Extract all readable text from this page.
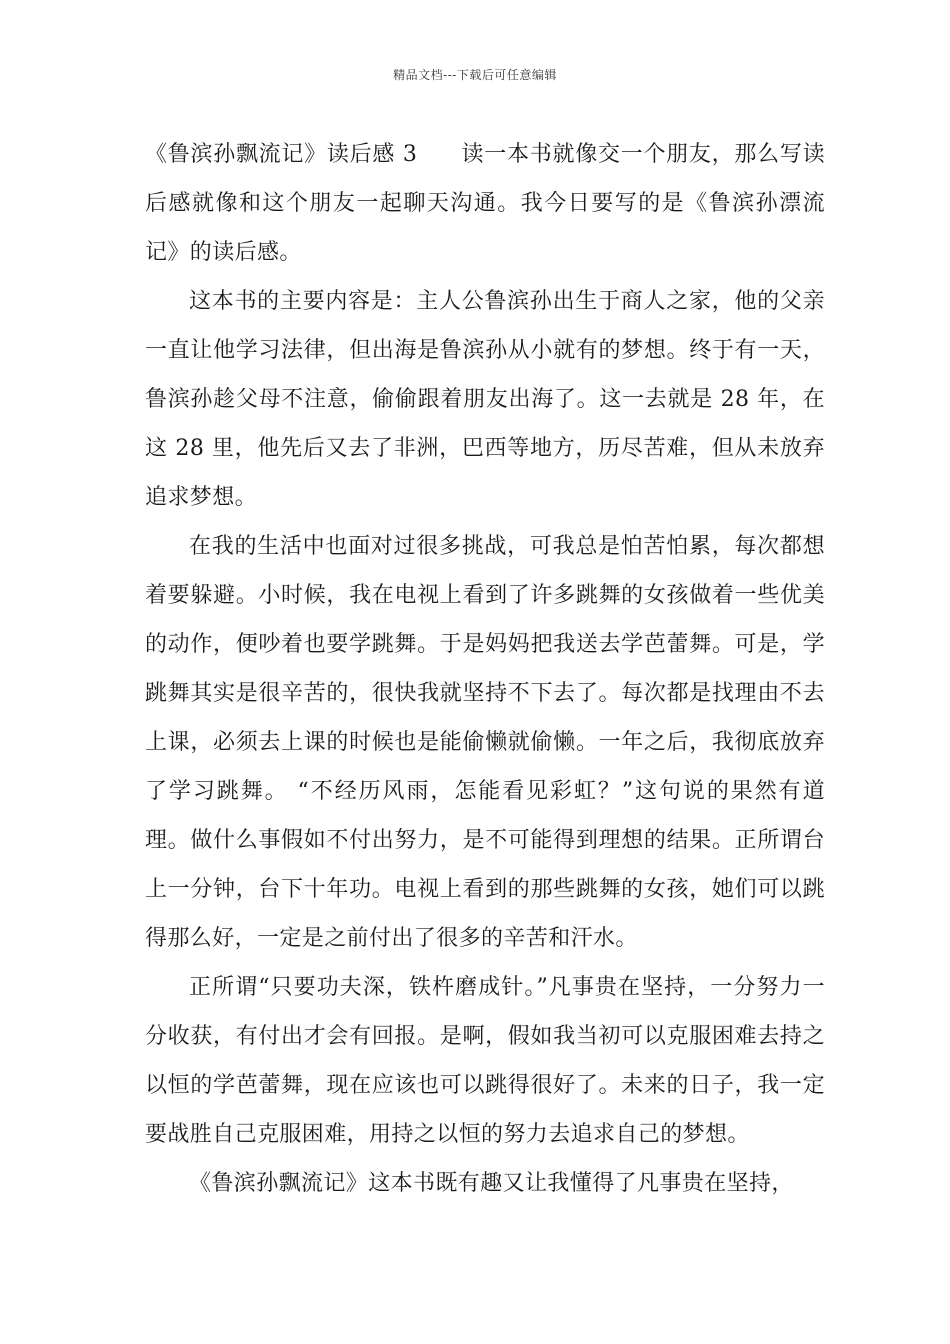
精品文档---下载后可任意编辑

《鲁滨孙飘流记》读后感 3 读一本书就像交一个朋友，那么写读后感就像和这个朋友一起聊天沟通。我今日要写的是《鲁滨孙漂流记》的读后感。

这本书的主要内容是：主人公鲁滨孙出生于商人之家，他的父亲一直让他学习法律，但出海是鲁滨孙从小就有的梦想。终于有一天，鲁滨孙趁父母不注意，偷偷跟着朋友出海了。这一去就是 28 年，在这 28 里，他先后又去了非洲，巴西等地方，历尽苦难，但从未放弃追求梦想。

在我的生活中也面对过很多挑战，可我总是怕苦怕累，每次都想着要躲避。小时候，我在电视上看到了许多跳舞的女孩做着一些优美的动作，便吵着也要学跳舞。于是妈妈把我送去学芭蕾舞。可是，学跳舞其实是很辛苦的，很快我就坚持不下去了。每次都是找理由不去上课，必须去上课的时候也是能偷懒就偷懒。一年之后，我彻底放弃了学习跳舞。 “不经历风雨，怎能看见彩虹？”这句说的果然有道理。做什么事假如不付出努力，是不可能得到理想的结果。正所谓台上一分钟，台下十年功。电视上看到的那些跳舞的女孩，她们可以跳得那么好，一定是之前付出了很多的辛苦和汗水。

正所谓“只要功夫深，铁杵磨成针。”凡事贵在坚持，一分努力一分收获，有付出才会有回报。是啊，假如我当初可以克服困难去持之以恒的学芭蕾舞，现在应该也可以跳得很好了。未来的日子，我一定要战胜自己克服困难，用持之以恒的努力去追求自己的梦想。

《鲁滨孙飘流记》这本书既有趣又让我懂得了凡事贵在坚持，
